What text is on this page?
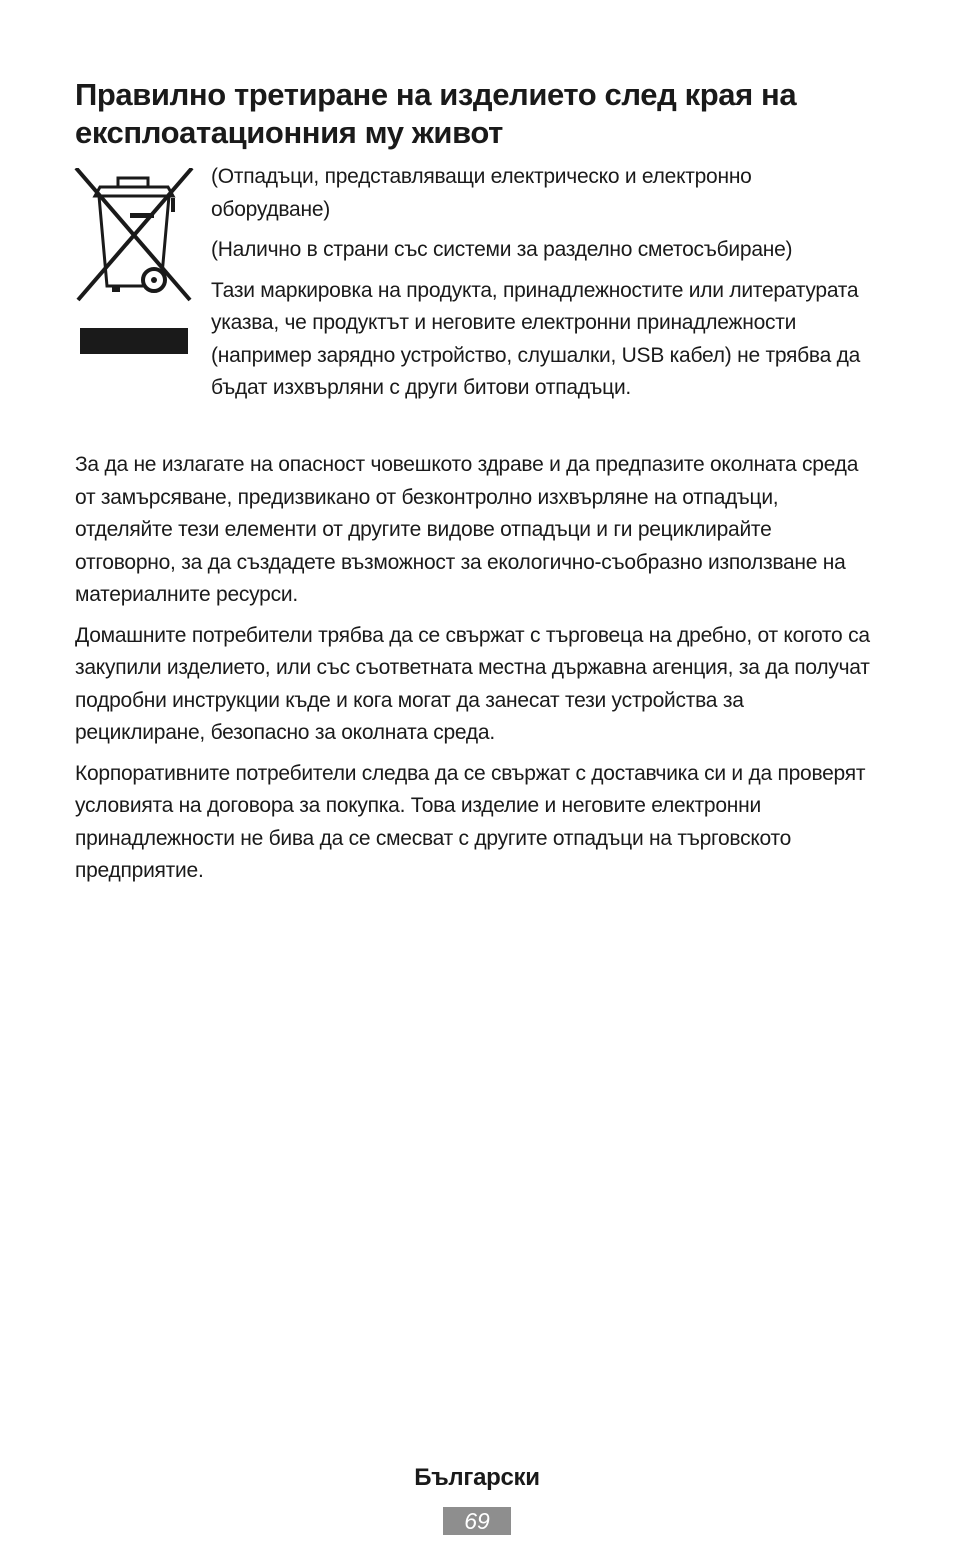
Правилно третиране на изделието след края на експлоатационния му живот

(Отпадъци, представляващи електрическо и електронно оборудване)

(Налично в страни със системи за разделно сметосъбиране)

Тази маркировка на продукта, принадлежностите или литературата указва, че продуктът и неговите електронни принадлежности (например зарядно устройство, слушалки, USB кабел) не трябва да бъдат изхвърляни с други битови отпадъци.

За да не излагате на опасност човешкото здраве и да предпазите околната среда от замърсяване, предизвикано от безконтролно изхвърляне на отпадъци, отделяйте тези елементи от другите видове отпадъци и ги рециклирайте отговорно, за да създадете възможност за екологично-съобразно използване на материалните ресурси.

Домашните потребители трябва да се свържат с търговеца на дребно, от когото са закупили изделието, или със съответната местна държавна агенция, за да получат подробни инструкции къде и кога могат да занесат тези устройства за рециклиране, безопасно за околната среда.

Корпоративните потребители следва да се свържат с доставчика си и да проверят условията на договора за покупка. Това изделие и неговите електронни принадлежности не бива да се смесват с другите отпадъци на търговското предприятие.

Български
69
